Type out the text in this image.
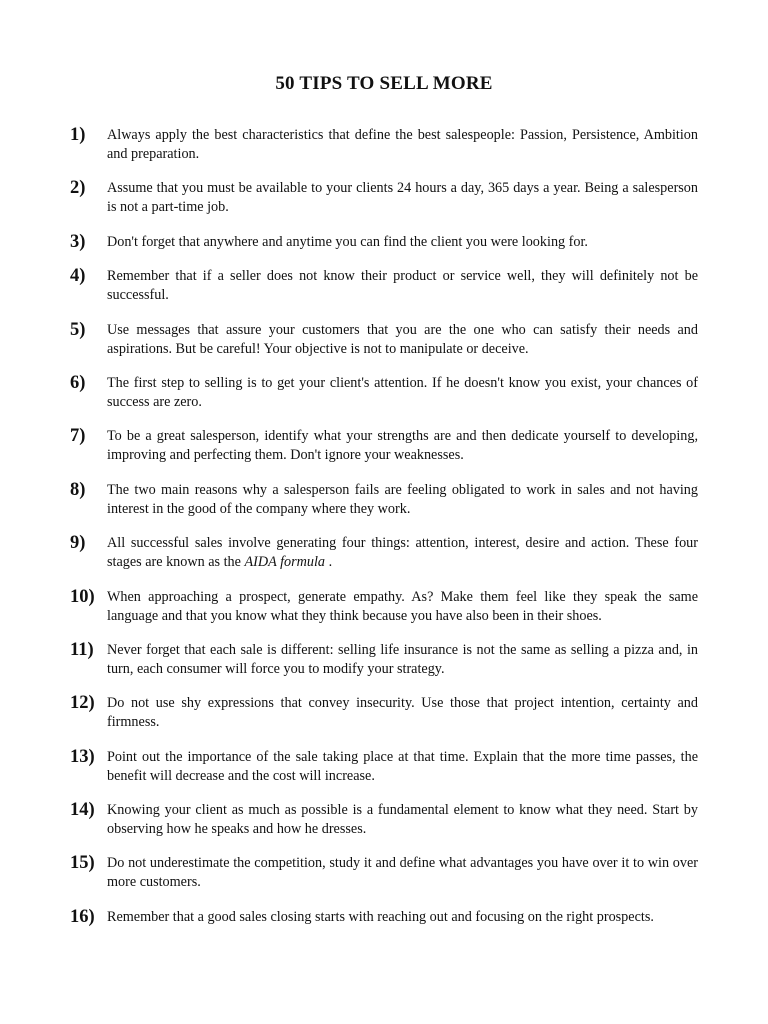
50 TIPS TO SELL MORE
1) Always apply the best characteristics that define the best salespeople: Passion, Persistence, Ambition and preparation.
2) Assume that you must be available to your clients 24 hours a day, 365 days a year. Being a salesperson is not a part-time job.
3) Don't forget that anywhere and anytime you can find the client you were looking for.
4) Remember that if a seller does not know their product or service well, they will definitely not be successful.
5) Use messages that assure your customers that you are the one who can satisfy their needs and aspirations. But be careful! Your objective is not to manipulate or deceive.
6) The first step to selling is to get your client's attention. If he doesn't know you exist, your chances of success are zero.
7) To be a great salesperson, identify what your strengths are and then dedicate yourself to developing, improving and perfecting them. Don't ignore your weaknesses.
8) The two main reasons why a salesperson fails are feeling obligated to work in sales and not having interest in the good of the company where they work.
9) All successful sales involve generating four things: attention, interest, desire and action. These four stages are known as the AIDA formula .
10) When approaching a prospect, generate empathy. As? Make them feel like they speak the same language and that you know what they think because you have also been in their shoes.
11) Never forget that each sale is different: selling life insurance is not the same as selling a pizza and, in turn, each consumer will force you to modify your strategy.
12) Do not use shy expressions that convey insecurity. Use those that project intention, certainty and firmness.
13) Point out the importance of the sale taking place at that time. Explain that the more time passes, the benefit will decrease and the cost will increase.
14) Knowing your client as much as possible is a fundamental element to know what they need. Start by observing how he speaks and how he dresses.
15) Do not underestimate the competition, study it and define what advantages you have over it to win over more customers.
16) Remember that a good sales closing starts with reaching out and focusing on the right prospects.
